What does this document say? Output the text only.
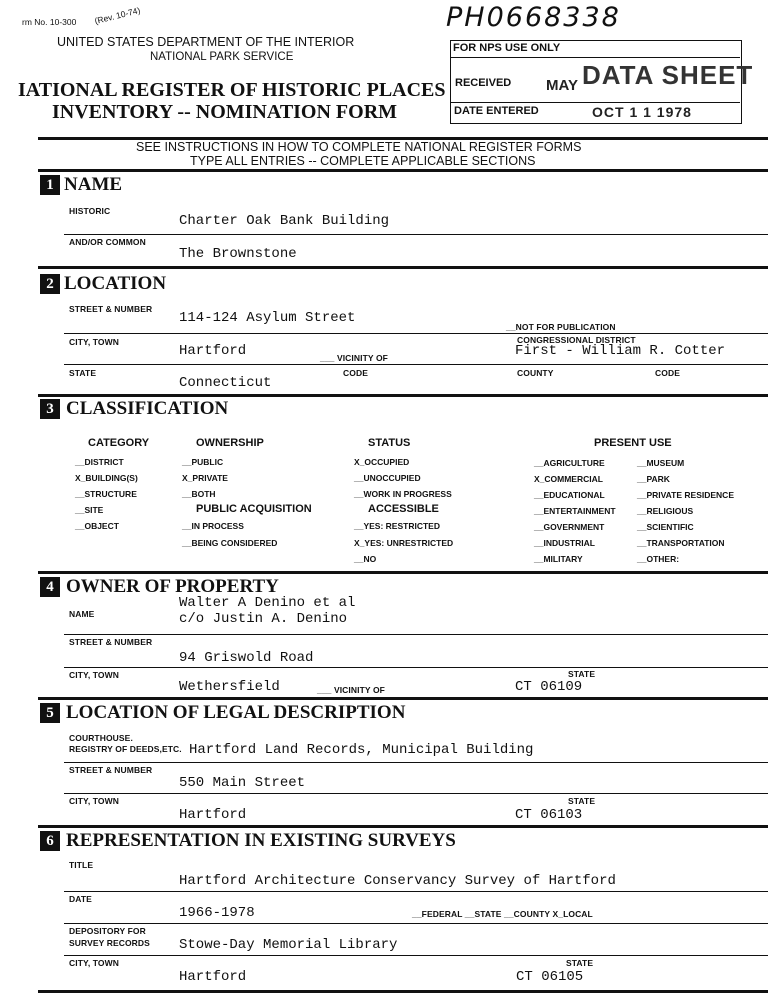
rm No. 10-300 (Rev. 10-74)
UNITED STATES DEPARTMENT OF THE INTERIOR
NATIONAL PARK SERVICE
IATIONAL REGISTER OF HISTORIC PLACES
INVENTORY -- NOMINATION FORM
PH0668338
FOR NPS USE ONLY
RECEIVED MAY DATA SHEET
DATE ENTERED	OCT 1 1 1978
SEE INSTRUCTIONS IN HOW TO COMPLETE NATIONAL REGISTER FORMS
TYPE ALL ENTRIES -- COMPLETE APPLICABLE SECTIONS
1 NAME
HISTORIC
Charter Oak Bank Building
AND/OR COMMON
The Brownstone
2 LOCATION
STREET & NUMBER
114-124 Asylum Street
__NOT FOR PUBLICATION
CITY, TOWN
Hartford	___ VICINITY OF
CONGRESSIONAL DISTRICT
First - William R. Cotter
STATE
Connecticut
CODE	COUNTY	CODE
3 CLASSIFICATION
CATEGORY
__DISTRICT
X_BUILDING(S)
__STRUCTURE
__SITE
__OBJECT
OWNERSHIP
__PUBLIC
X_PRIVATE
__BOTH
PUBLIC ACQUISITION
__IN PROCESS
__BEING CONSIDERED
STATUS
X_OCCUPIED
__UNOCCUPIED
__WORK IN PROGRESS
ACCESSIBLE
__YES: RESTRICTED
X_YES: UNRESTRICTED
__NO
PRESENT USE
__AGRICULTURE
X_COMMERCIAL
__EDUCATIONAL
__ENTERTAINMENT
__GOVERNMENT
__INDUSTRIAL
__MILITARY
__MUSEUM
__PARK
__PRIVATE RESIDENCE
__RELIGIOUS
__SCIENTIFIC
__TRANSPORTATION
__OTHER:
4 OWNER OF PROPERTY
NAME
Walter A Denino et al
c/o Justin A. Denino
STREET & NUMBER
94 Griswold Road
CITY, TOWN
Wethersfield	___ VICINITY OF
STATE
CT 06109
5 LOCATION OF LEGAL DESCRIPTION
COURTHOUSE.
REGISTRY OF DEEDS,ETC. Hartford Land Records, Municipal Building
STREET & NUMBER
550 Main Street
CITY, TOWN
Hartford
STATE
CT 06103
6 REPRESENTATION IN EXISTING SURVEYS
TITLE
Hartford Architecture Conservancy Survey of Hartford
DATE
1966-1978	__FEDERAL __STATE __COUNTY X_LOCAL
DEPOSITORY FOR
SURVEY RECORDS Stowe-Day Memorial Library
CITY, TOWN
Hartford
STATE
CT 06105
